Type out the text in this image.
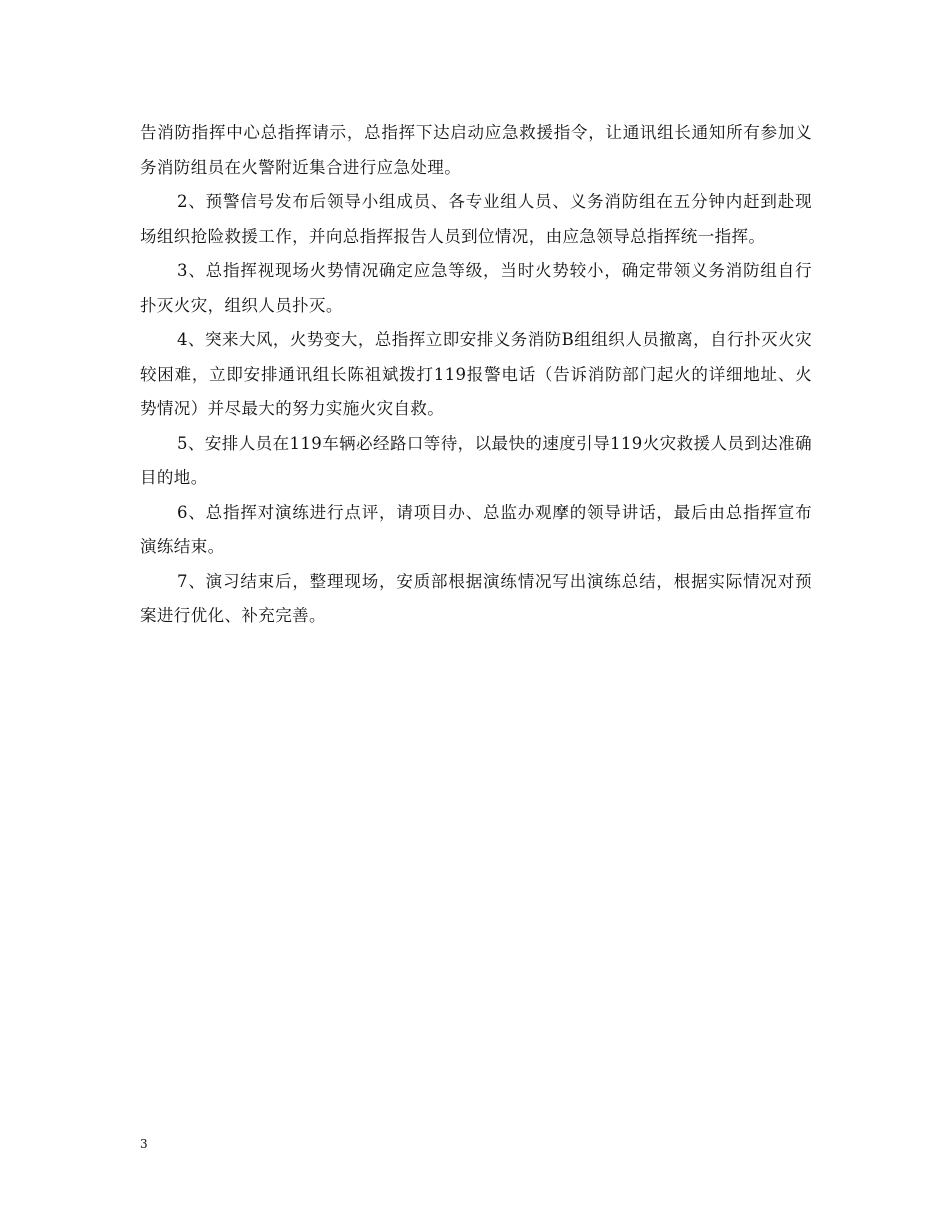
告消防指挥中心总指挥请示，总指挥下达启动应急救援指令，让通讯组长通知所有参加义务消防组员在火警附近集合进行应急处理。

2、预警信号发布后领导小组成员、各专业组人员、义务消防组在五分钟内赶到赴现场组织抢险救援工作，并向总指挥报告人员到位情况，由应急领导总指挥统一指挥。

3、总指挥视现场火势情况确定应急等级，当时火势较小，确定带领义务消防组自行扑灭火灾，组织人员扑灭。

4、突来大风，火势变大，总指挥立即安排义务消防B组组织人员撤离，自行扑灭火灾较困难，立即安排通讯组长陈祖斌拨打119报警电话（告诉消防部门起火的详细地址、火势情况）并尽最大的努力实施火灾自救。

5、安排人员在119车辆必经路口等待，以最快的速度引导119火灾救援人员到达准确目的地。

6、总指挥对演练进行点评，请项目办、总监办观摩的领导讲话，最后由总指挥宣布演练结束。

7、演习结束后，整理现场，安质部根据演练情况写出演练总结，根据实际情况对预案进行优化、补充完善。

3
